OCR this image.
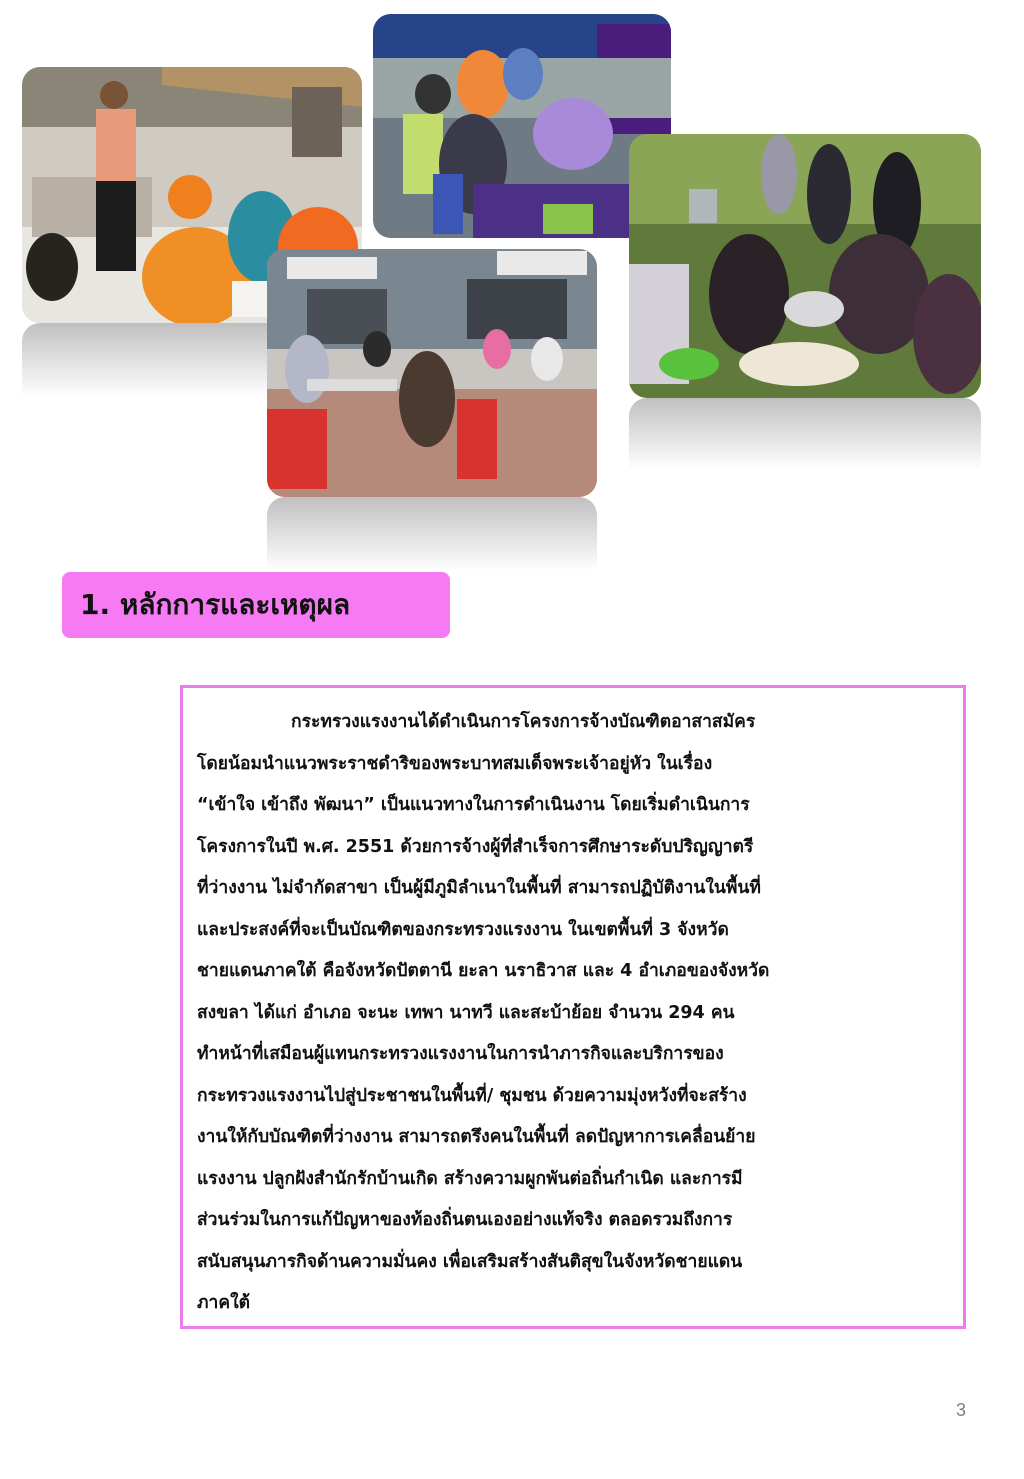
1. หลักการและเหตุผล
กระทรวงแรงงานได้ดำเนินการโครงการจ้างบัณฑิตอาสาสมัคร
โดยน้อมนำแนวพระราชดำริของพระบาทสมเด็จพระเจ้าอยู่หัว ในเรื่อง
“เข้าใจ เข้าถึง พัฒนา” เป็นแนวทางในการดำเนินงาน โดยเริ่มดำเนินการ
โครงการในปี พ.ศ. 2551 ด้วยการจ้างผู้ที่สำเร็จการศึกษาระดับปริญญาตรี
ที่ว่างงาน ไม่จำกัดสาขา เป็นผู้มีภูมิลำเนาในพื้นที่ สามารถปฏิบัติงานในพื้นที่
และประสงค์ที่จะเป็นบัณฑิตของกระทรวงแรงงาน ในเขตพื้นที่ 3 จังหวัด
ชายแดนภาคใต้ คือจังหวัดปัตตานี ยะลา นราธิวาส และ 4 อำเภอของจังหวัด
สงขลา ได้แก่ อำเภอ จะนะ เทพา นาทวี และสะบ้าย้อย จำนวน 294 คน
ทำหน้าที่เสมือนผู้แทนกระทรวงแรงงานในการนำภารกิจและบริการของ
กระทรวงแรงงานไปสู่ประชาชนในพื้นที่/ ชุมชน ด้วยความมุ่งหวังที่จะสร้าง
งานให้กับบัณฑิตที่ว่างงาน สามารถตรึงคนในพื้นที่ ลดปัญหาการเคลื่อนย้าย
แรงงาน ปลูกฝังสำนักรักบ้านเกิด สร้างความผูกพันต่อถิ่นกำเนิด และการมี
ส่วนร่วมในการแก้ปัญหาของท้องถิ่นตนเองอย่างแท้จริง ตลอดรวมถึงการ
สนับสนุนภารกิจด้านความมั่นคง เพื่อเสริมสร้างสันติสุขในจังหวัดชายแดน
ภาคใต้
3
